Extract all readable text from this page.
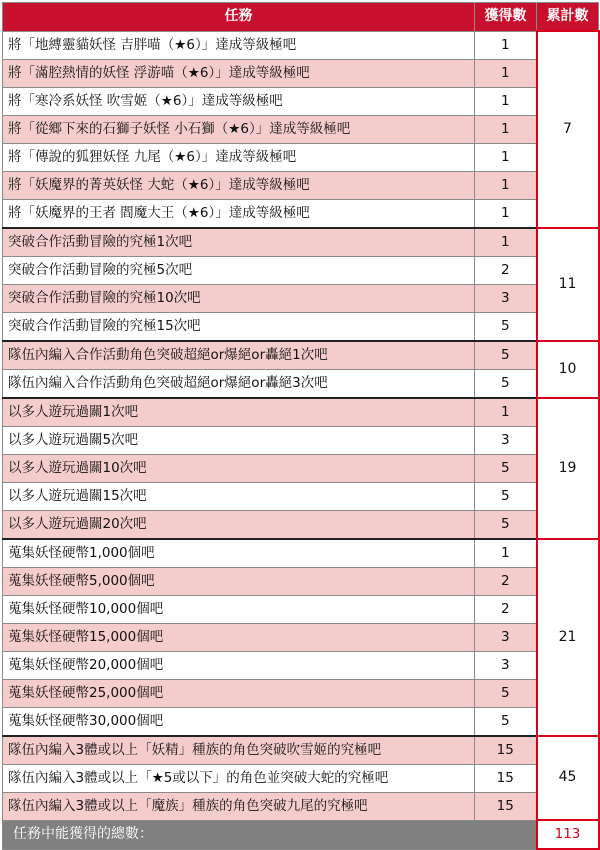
任務	獲得數	累計數
將「地縛靈貓妖怪 吉胖喵（★6）」達成等級極吧	1	7
將「滿腔熱情的妖怪 浮游喵（★6）」達成等級極吧	1	
將「寒冷系妖怪 吹雪姬（★6）」達成等級極吧	1	
將「從鄉下來的石獅子妖怪 小石獅（★6）」達成等級極吧	1	
將「傳說的狐狸妖怪 九尾（★6）」達成等級極吧	1	
將「妖魔界的菁英妖怪 大蛇（★6）」達成等級極吧	1	
將「妖魔界的王者 閻魔大王（★6）」達成等級極吧	1	
突破合作活動冒險的究極1次吧	1	11
突破合作活動冒險的究極5次吧	2	
突破合作活動冒險的究極10次吧	3	
突破合作活動冒險的究極15次吧	5	
隊伍內編入合作活動角色突破超絕or爆絕or轟絕1次吧	5	10
隊伍內編入合作活動角色突破超絕or爆絕or轟絕3次吧	5	
以多人遊玩過關1次吧	1	19
以多人遊玩過關5次吧	3	
以多人遊玩過關10次吧	5	
以多人遊玩過關15次吧	5	
以多人遊玩過關20次吧	5	
蒐集妖怪硬幣1,000個吧	1	21
蒐集妖怪硬幣5,000個吧	2	
蒐集妖怪硬幣10,000個吧	2	
蒐集妖怪硬幣15,000個吧	3	
蒐集妖怪硬幣20,000個吧	3	
蒐集妖怪硬幣25,000個吧	5	
蒐集妖怪硬幣30,000個吧	5	
隊伍內編入3體或以上「妖精」種族的角色突破吹雪姬的究極吧	15	45
隊伍內編入3體或以上「★5或以下」的角色並突破大蛇的究極吧	15	
隊伍內編入3體或以上「魔族」種族的角色突破九尾的究極吧	15	
任務中能獲得的總數：		113
